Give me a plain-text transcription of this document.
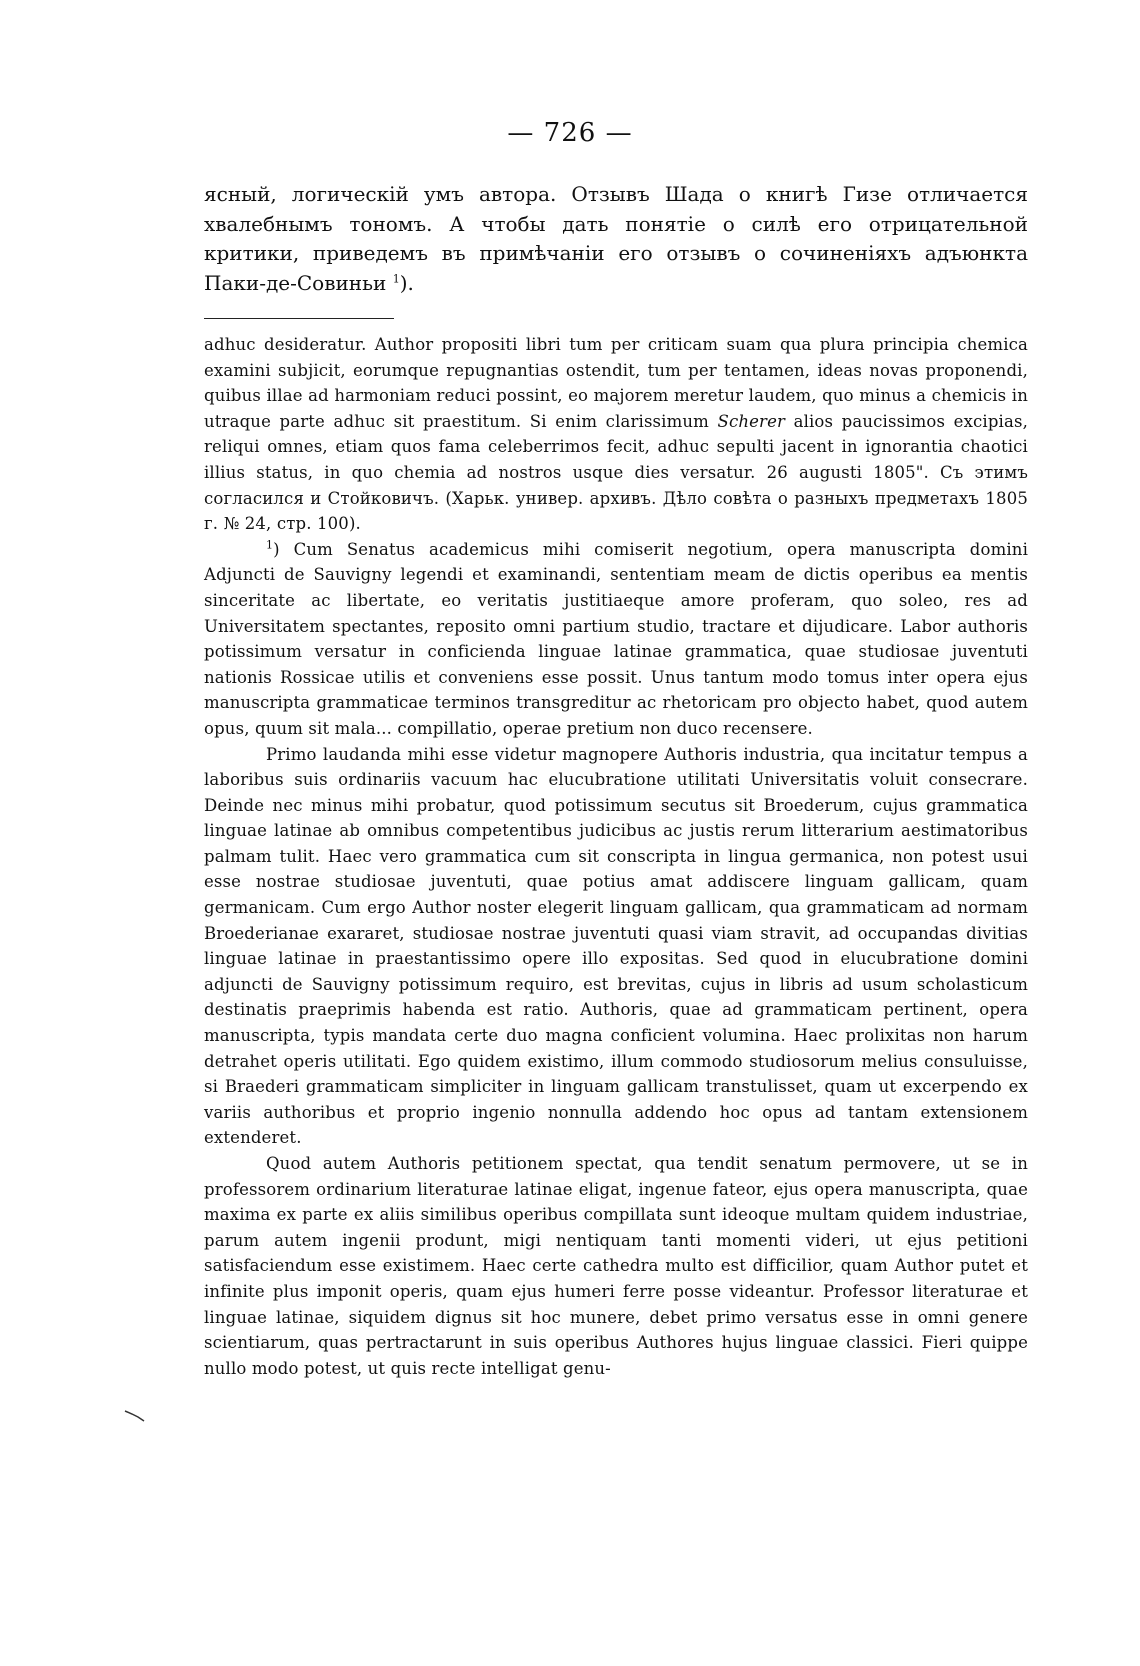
— 726 —

ясный, логическій умъ автора. Отзывъ Шада о книгѣ Гизе отличается хвалебнымъ тономъ. А чтобы дать понятіе о силѣ его отрицательной критики, приведемъ въ примѣчаніи его отзывъ о сочиненіяхъ адъюнкта Паки-де-Совиньи $^1$).

adhuc desideratur. Author propositi libri tum per criticam suam qua plura principia chemica examini subjicit, eorumque repugnantias ostendit, tum per tentamen, ideas novas proponendi, quibus illae ad harmoniam reduci possint, eo majorem meretur laudem, quo minus a chemicis in utraque parte adhuc sit praestitum. Si enim clarissimum Scherer alios paucissimos excipias, reliqui omnes, etiam quos fama celeberrimos fecit, adhuc sepulti jacent in ignorantia chaotici illius status, in quo chemia ad nostros usque dies versatur. 26 augusti 1805". Съ этимъ согласился и Стойковичъ. (Харьк. универ. архивъ. Дѣло совѣта о разныхъ предметахъ 1805 г. № 24, стр. 100).

$^1$) Cum Senatus academicus mihi comiserit negotium, opera manuscripta domini Adjuncti de Sauvigny legendi et examinandi, sententiam meam de dictis operibus ea mentis sinceritate ac libertate, eo veritatis justitiaeque amore proferam, quo soleo, res ad Universitatem spectantes, reposito omni partium studio, tractare et dijudicare. Labor authoris potissimum versatur in conficienda linguae latinae grammatica, quae studiosae juventuti nationis Rossicae utilis et conveniens esse possit. Unus tantum modo tomus inter opera ejus manuscripta grammaticae terminos transgreditur ac rhetoricam pro objecto habet, quod autem opus, quum sit mala... compillatio, operae pretium non duco recensere.

Primo laudanda mihi esse videtur magnopere Authoris industria, qua incitatur tempus a laboribus suis ordinariis vacuum hac elucubratione utilitati Universitatis voluit consecrare. Deinde nec minus mihi probatur, quod potissimum secutus sit Broederum, cujus grammatica linguae latinae ab omnibus competentibus judicibus ac justis rerum litterarium aestimatoribus palmam tulit. Haec vero grammatica cum sit conscripta in lingua germanica, non potest usui esse nostrae studiosae juventuti, quae potius amat addiscere linguam gallicam, quam germanicam. Cum ergo Author noster elegerit linguam gallicam, qua grammaticam ad normam Broederianae exararet, studiosae nostrae juventuti quasi viam stravit, ad occupandas divitias linguae latinae in praestantissimo opere illo expositas. Sed quod in elucubratione domini adjuncti de Sauvigny potissimum requiro, est brevitas, cujus in libris ad usum scholasticum destinatis praeprimis habenda est ratio. Authoris, quae ad grammaticam pertinent, opera manuscripta, typis mandata certe duo magna conficient volumina. Haec prolixitas non harum detrahet operis utilitati. Ego quidem existimo, illum commodo studiosorum melius consuluisse, si Braederi grammaticam simpliciter in linguam gallicam transtulisset, quam ut excerpendo ex variis authoribus et proprio ingenio nonnulla addendo hoc opus ad tantam extensionem extenderet.

Quod autem Authoris petitionem spectat, qua tendit senatum permovere, ut se in professorem ordinarium literaturae latinae eligat, ingenue fateor, ejus opera manuscripta, quae maxima ex parte ex aliis similibus operibus compillata sunt ideoque multam quidem industriae, parum autem ingenii produnt, migi nentiquam tanti momenti videri, ut ejus petitioni satisfaciendum esse existimem. Haec certe cathedra multo est difficilior, quam Author putet et infinite plus imponit operis, quam ejus humeri ferre posse videantur. Professor literaturae et linguae latinae, siquidem dignus sit hoc munere, debet primo versatus esse in omni genere scientiarum, quas pertractarunt in suis operibus Authores hujus linguae classici. Fieri quippe nullo modo potest, ut quis recte intelligat genu-
